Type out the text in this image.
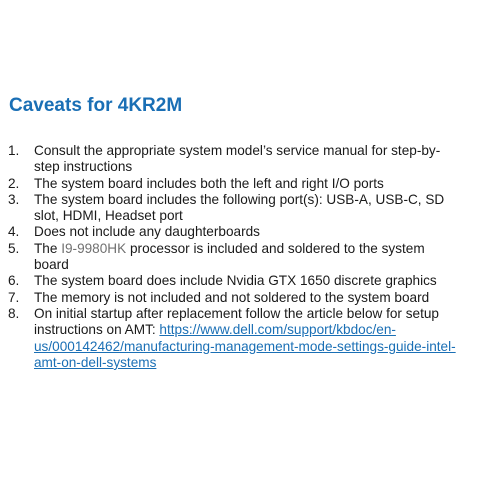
Caveats for 4KR2M
1. Consult the appropriate system model’s service manual for step-by-
step instructions
2. The system board includes both the left and right I/O ports
3. The system board includes the following port(s): USB-A, USB-C, SD
slot, HDMI, Headset port
4. Does not include any daughterboards
5. The I9-9980HK processor is included and soldered to the system
board
6. The system board does include Nvidia GTX 1650 discrete graphics
7. The memory is not included and not soldered to the system board
8. On initial startup after replacement follow the article below for setup
instructions on AMT: https://www.dell.com/support/kbdoc/en-
us/000142462/manufacturing-management-mode-settings-guide-intel-
amt-on-dell-systems
